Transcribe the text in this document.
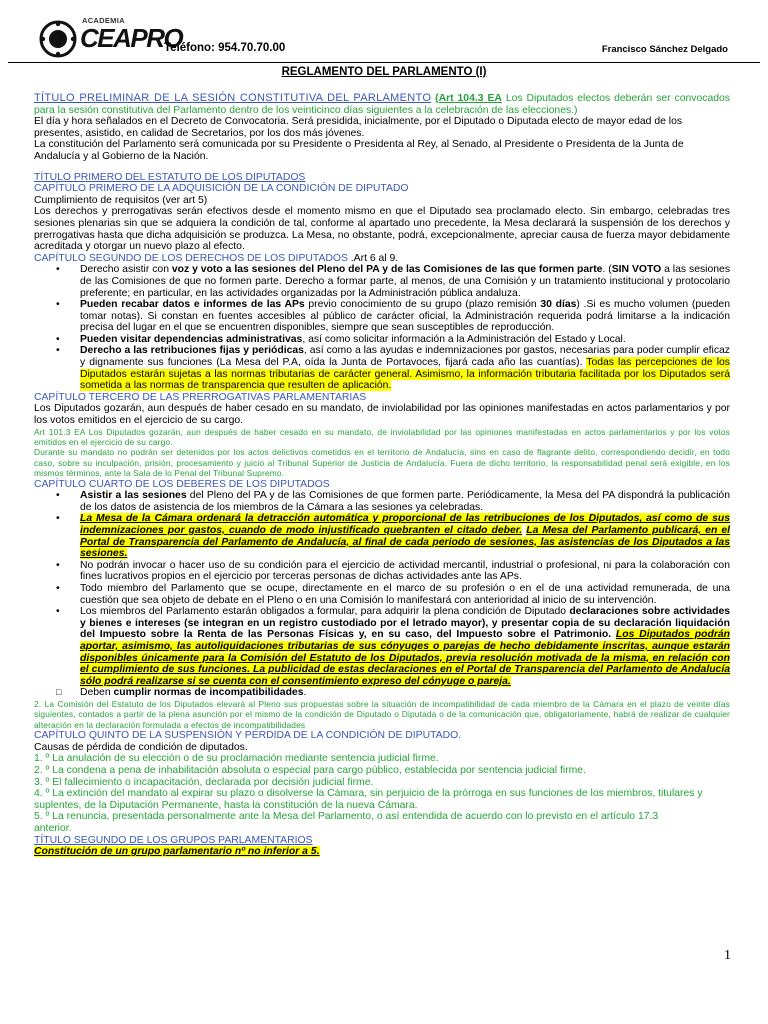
ACADEMIA
CEAPRO
Teléfono: 954.70.70.00	Francisco Sánchez Delgado
REGLAMENTO DEL PARLAMENTO (I)

TÍTULO PRELIMINAR DE LA SESIÓN CONSTITUTIVA DEL PARLAMENTO (Art 104.3 EA Los Diputados electos deberán ser convocados para la sesión constitutiva del Parlamento dentro de los veinticinco días siguientes a la celebración de las elecciones.)

El día y hora señalados en el Decreto de Convocatoria. Será presidida, inicialmente, por el Diputado o Diputada electo de mayor edad de los presentes, asistido, en calidad de Secretarios, por los dos más jóvenes.

La constitución del Parlamento será comunicada por su Presidente o Presidenta al Rey, al Senado, al Presidente o Presidenta de la Junta de Andalucía y al Gobierno de la Nación.

TÍTULO PRIMERO DEL ESTATUTO DE LOS DIPUTADOS

CAPÍTULO PRIMERO DE LA ADQUISICIÓN DE LA CONDICIÓN DE DIPUTADO

Cumplimiento de requisitos (ver art 5)

Los derechos y prerrogativas serán efectivos desde el momento mismo en que el Diputado sea proclamado electo. Sin embargo, celebradas tres sesiones plenarias sin que se adquiera la condición de tal, conforme al apartado uno precedente, la Mesa declarará la suspensión de los derechos y prerrogativas hasta que dicha adquisición se produzca. La Mesa, no obstante, podrá, excepcionalmente, apreciar causa de fuerza mayor debidamente acreditada y otorgar un nuevo plazo al efecto.

CAPÍTULO SEGUNDO DE LOS DERECHOS DE LOS DIPUTADOS .Art 6 al 9.

• Derecho asistir con voz y voto a las sesiones del Pleno del PA y de las Comisiones de las que formen parte. (SIN VOTO a las sesiones de las Comisiones de que no formen parte. Derecho a formar parte, al menos, de una Comisión y un tratamiento institucional y protocolario preferente; en particular, en las actividades organizadas por la Administración pública andaluza.
• Pueden recabar datos e informes de las APs previo conocimiento de su grupo (plazo remisión 30 días) .Si es mucho volumen (pueden tomar notas). Si constan en fuentes accesibles al público de carácter oficial, la Administración requerida podrá limitarse a la indicación precisa del lugar en el que se encuentren disponibles, siempre que sean susceptibles de reproducción.
• Pueden visitar dependencias administrativas, así como solicitar información a la Administración del Estado y Local.
• Derecho a las retribuciones fijas y periódicas, así como a las ayudas e indemnizaciones por gastos, necesarias para poder cumplir eficaz y dignamente sus funciones (La Mesa del P.A, oída la Junta de Portavoces, fijará cada año las cuantías). Todas las percepciones de los Diputados estarán sujetas a las normas tributarias de carácter general. Asimismo, la información tributaria facilitada por los Diputados será sometida a las normas de transparencia que resulten de aplicación.

CAPÍTULO TERCERO DE LAS PRERROGATIVAS PARLAMENTARIAS

Los Diputados gozarán, aun después de haber cesado en su mandato, de inviolabilidad por las opiniones manifestadas en actos parlamentarios y por los votos emitidos en el ejercicio de su cargo.

Art 101.3 EA Los Diputados gozarán, aun después de haber cesado en su mandato, de inviolabilidad por las opiniones manifestadas en actos parlamentarios y por los votos emitidos en el ejercicio de su cargo.

Durante su mandato no podrán ser detenidos por los actos delictivos cometidos en el territorio de Andalucía, sino en caso de flagrante delito, correspondiendo decidir, en todo caso, sobre su inculpación, prisión, procesamiento y juicio al Tribunal Superior de Justicia de Andalucía. Fuera de dicho territorio, la responsabilidad penal será exigible, en los mismos términos, ante la Sala de lo Penal del Tribunal Supremo.

CAPÍTULO CUARTO DE LOS DEBERES DE LOS DIPUTADOS

• Asistir a las sesiones del Pleno del PA y de las Comisiones de que formen parte. Periódicamente, la Mesa del PA dispondrá la publicación de los datos de asistencia de los miembros de la Cámara a las sesiones ya celebradas.
• La Mesa de la Cámara ordenará la detracción automática y proporcional de las retribuciones de los Diputados, así como de sus indemnizaciones por gastos, cuando de modo injustificado quebranten el citado deber. La Mesa del Parlamento publicará, en el Portal de Transparencia del Parlamento de Andalucía, al final de cada periodo de sesiones, las asistencias de los Diputados a las sesiones.
• No podrán invocar o hacer uso de su condición para el ejercicio de actividad mercantil, industrial o profesional, ni para la colaboración con fines lucrativos propios en el ejercicio por terceras personas de dichas actividades ante las APs.
• Todo miembro del Parlamento que se ocupe, directamente en el marco de su profesión o en el de una actividad remunerada, de una cuestión que sea objeto de debate en el Pleno o en una Comisión lo manifestará con anterioridad al inicio de su intervención.
• Los miembros del Parlamento estarán obligados a formular, para adquirir la plena condición de Diputado declaraciones sobre actividades y bienes e intereses (se integran en un registro custodiado por el letrado mayor), y presentar copia de su declaración liquidación del Impuesto sobre la Renta de las Personas Físicas y, en su caso, del Impuesto sobre el Patrimonio. Los Diputados podrán aportar, asimismo, las autoliquidaciones tributarias de sus cónyuges o parejas de hecho debidamente inscritas, aunque estarán disponibles únicamente para la Comisión del Estatuto de los Diputados, previa resolución motivada de la misma, en relación con el cumplimiento de sus funciones. La publicidad de estas declaraciones en el Portal de Transparencia del Parlamento de Andalucía sólo podrá realizarse si se cuenta con el consentimiento expreso del cónyuge o pareja.
□ Deben cumplir normas de incompatibilidades.

2. La Comisión del Estatuto de los Diputados elevará al Pleno sus propuestas sobre la situación de incompatibilidad de cada miembro de la Cámara en el plazo de veinte días siguientes, contados a partir de la plena asunción por el mismo de la condición de Diputado o Diputada o de la comunicación que, obligatoriamente, habrá de realizar de cualquier alteración en la declaración formulada a efectos de incompatibilidades

CAPÍTULO QUINTO DE LA SUSPENSIÓN Y PÉRDIDA DE LA CONDICIÓN DE DIPUTADO.

Causas de pérdida de condición de diputados.

1. º La anulación de su elección o de su proclamación mediante sentencia judicial firme.

2. º La condena a pena de inhabilitación absoluta o especial para cargo público, establecida por sentencia judicial firme.

3. º El fallecimiento o incapacitación, declarada por decisión judicial firme.

4. º La extinción del mandato al expirar su plazo o disolverse la Cámara, sin perjuicio de la prórroga en sus funciones de los miembros, titulares y suplentes, de la Diputación Permanente, hasta la constitución de la nueva Cámara.

5. º La renuncia, presentada personalmente ante la Mesa del Parlamento, o así entendida de acuerdo con lo previsto en el artículo 17.3                                    anterior.

TÍTULO SEGUNDO DE LOS GRUPOS PARLAMENTARIOS

Constitución de un grupo parlamentario nº no inferior a 5.

1
